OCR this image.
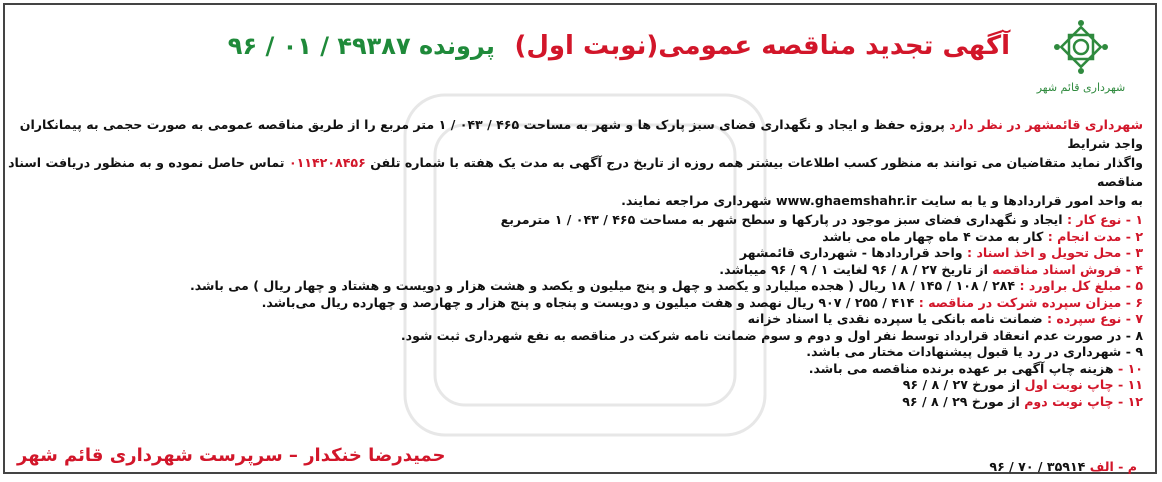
شهرداری قائم شهر
آگهی تجدید مناقصه عمومی(نوبت اول) پرونده ۴۹۳۸۷ / ۰۱ / ۹۶

شهرداری قائمشهر در نظر دارد پروژه حفظ و ایجاد و نگهداری فضای سبز پارک ها و شهر به مساحت ۴۶۵ / ۰۴۳ / ۱ متر مربع را از طریق مناقصه عمومی به صورت حجمی به پیمانکاران واجد شرایط
واگذار نماید متقاضیان می توانند به منظور کسب اطلاعات بیشتر همه روزه از تاریخ درج آگهی به مدت یک هفته با شماره تلفن ۰۱۱۴۲۰۸۴۵۶ تماس حاصل نموده و به منظور دریافت اسناد مناقصه
به واحد امور قراردادها و یا به سایت www.ghaemshahr.ir شهرداری مراجعه نمایند.

۱ - نوع کار : ایجاد و نگهداری فضای سبز موجود در پارکها و سطح شهر به مساحت ۴۶۵ / ۰۴۳ / ۱ مترمربع
۲ - مدت انجام : کار به مدت ۴ ماه چهار ماه می باشد
۳ - محل تحویل و اخذ اسناد : واحد قراردادها - شهرداری قائمشهر
۴ - فروش اسناد مناقصه از تاریخ ۲۷ / ۸ / ۹۶ لغایت ۱ / ۹ / ۹۶ میباشد.
۵ - مبلغ کل براورد : ۲۸۴ / ۱۰۸ / ۱۴۵ / ۱۸ ریال ( هجده میلیارد و یکصد و چهل و پنج میلیون و یکصد و هشت هزار و دویست و هشتاد و چهار ریال ) می باشد.
۶ - میزان سپرده شرکت در مناقصه : ۴۱۴ / ۲۵۵ / ۹۰۷ ریال نهصد و هفت میلیون و دویست و پنجاه و پنج هزار و چهارصد و چهارده ریال می‌باشد.
۷ - نوع سپرده : ضمانت نامه بانکی یا سپرده نقدی یا اسناد خزانه
۸ - در صورت عدم انعقاد قرارداد توسط نفر اول و دوم و سوم ضمانت نامه شرکت در مناقصه به نفع شهرداری ثبت شود.
۹ - شهرداری در رد یا قبول پیشنهادات مختار می باشد.
۱۰ - هزینه چاپ آگهی بر عهده برنده مناقصه می باشد.
۱۱ - چاپ نوبت اول از مورخ ۲۷ / ۸ / ۹۶
۱۲ - چاپ نوبت دوم از مورخ ۲۹ / ۸ / ۹۶
حمیدرضا خنکدار – سرپرست شهرداری قائم شهر
م - الف ۳۵۹۱۴ / ۷۰ / ۹۶
